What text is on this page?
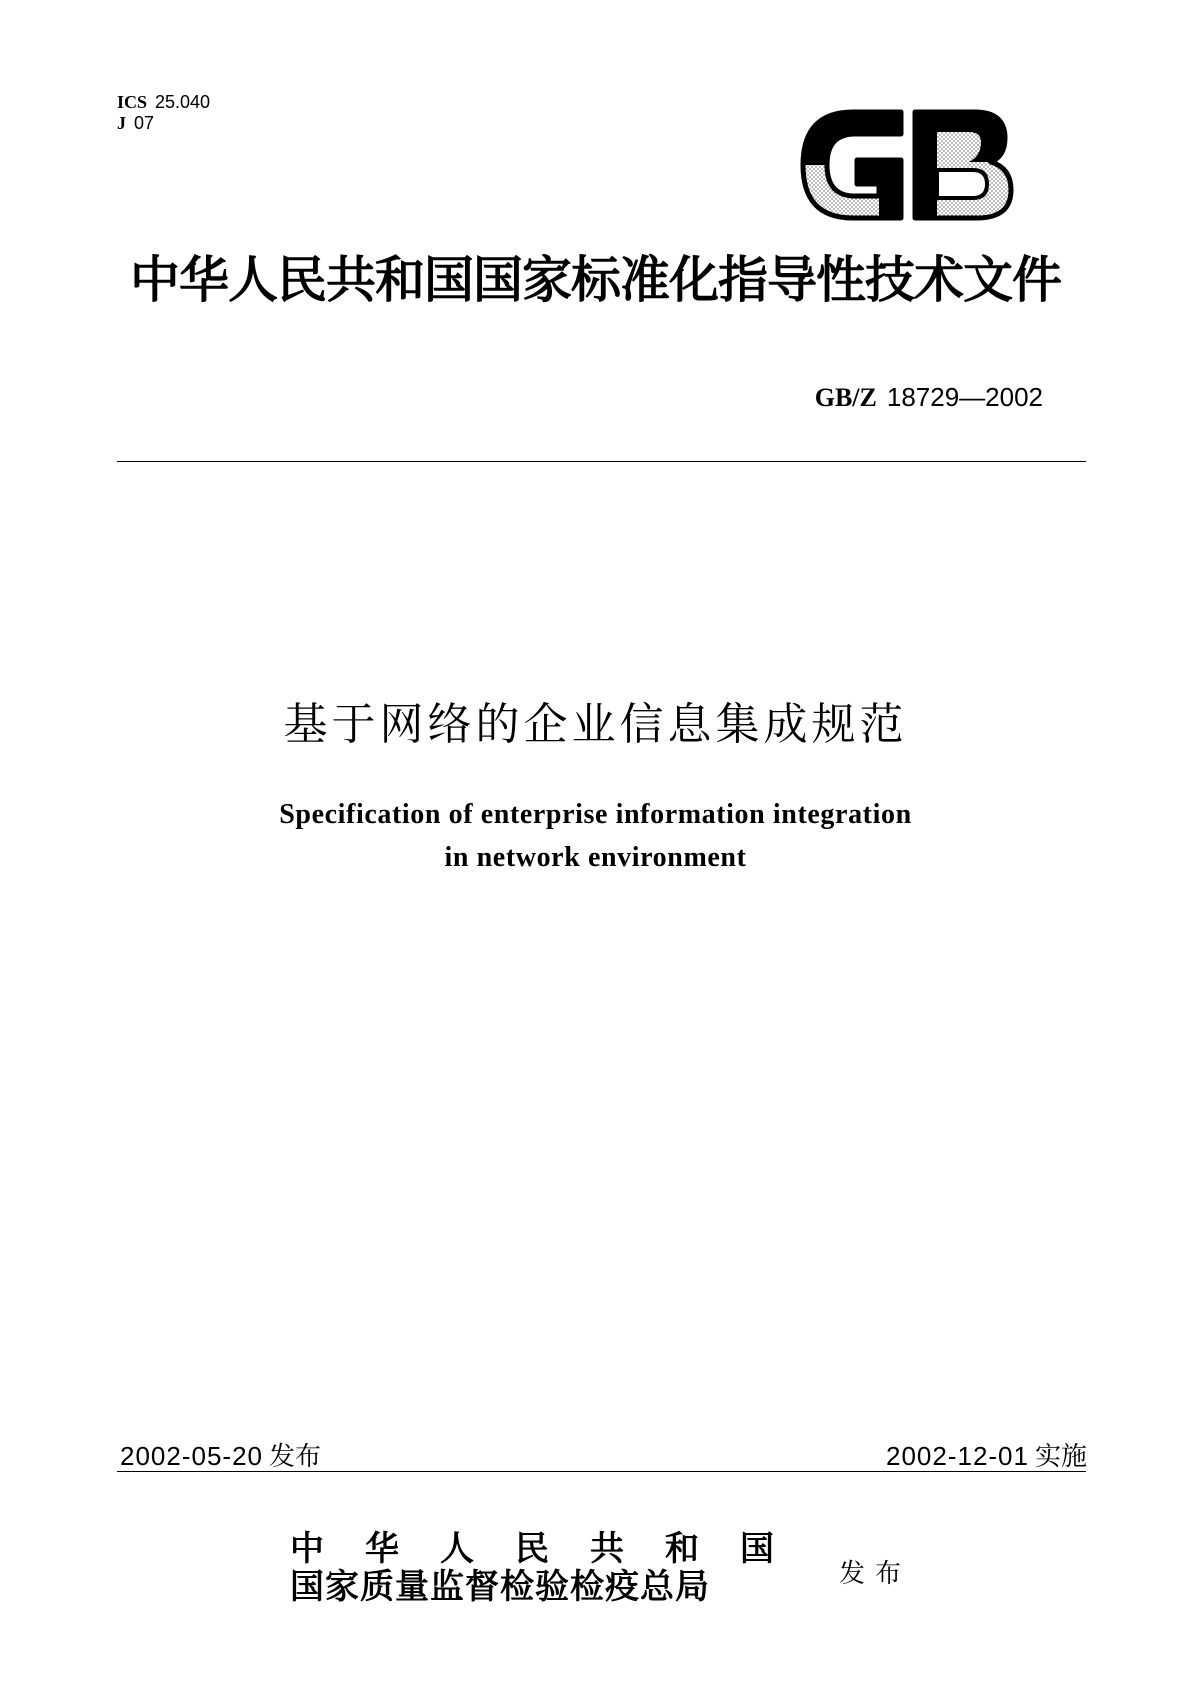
ICS 25.040
J 07
中华人民共和国国家标准化指导性技术文件
GB/Z 18729—2002
基于网络的企业信息集成规范
Specification of enterprise information integration
in network environment
2002-05-20 发布	2002-12-01 实施
中华人民共和国
国家质量监督检验检疫总局	发布
